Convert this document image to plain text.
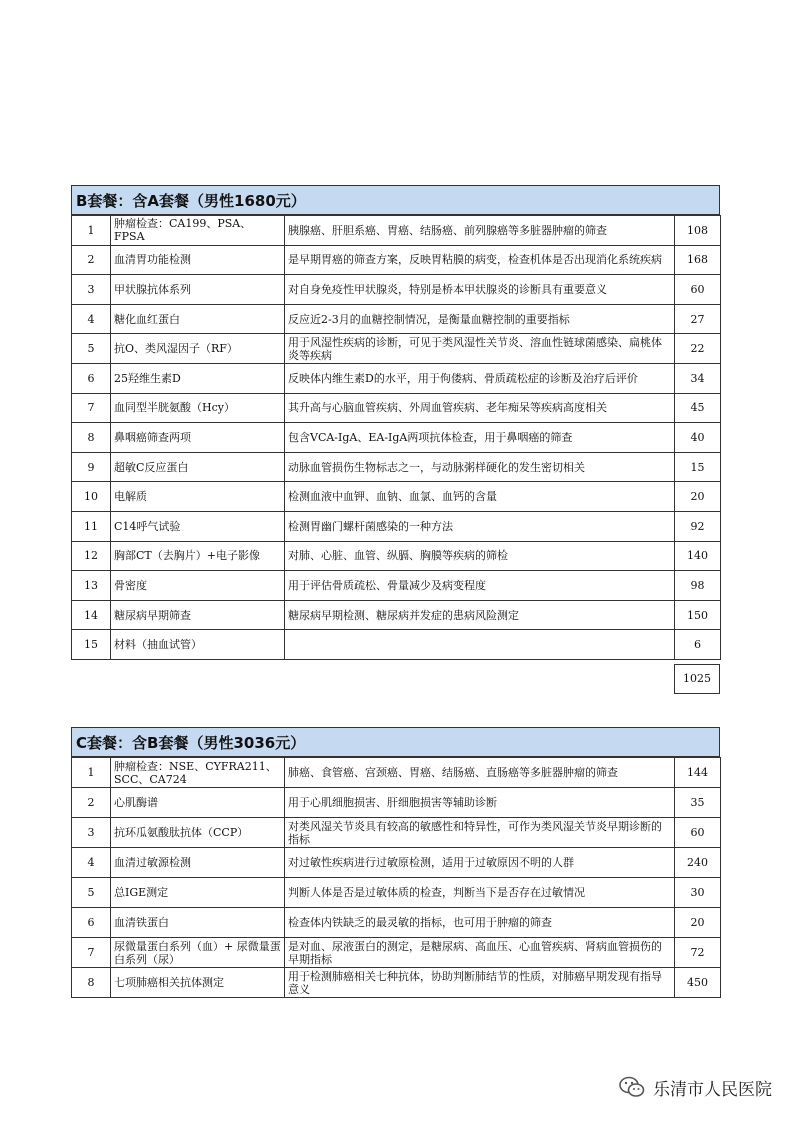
B套餐：含A套餐（男性1680元）
1	肿瘤检查：CA199、PSA、FPSA	胰腺癌、肝胆系癌、胃癌、结肠癌、前列腺癌等多脏器肿瘤的筛查	108
2	血清胃功能检测	是早期胃癌的筛查方案，反映胃粘膜的病变，检查机体是否出现消化系统疾病	168
3	甲状腺抗体系列	对自身免疫性甲状腺炎，特别是桥本甲状腺炎的诊断具有重要意义	60
4	糖化血红蛋白	反应近2-3月的血糖控制情况，是衡量血糖控制的重要指标	27
5	抗O、类风湿因子（RF）	用于风湿性疾病的诊断，可见于类风湿性关节炎、溶血性链球菌感染、扁桃体炎等疾病	22
6	25羟维生素D	反映体内维生素D的水平，用于佝偻病、骨质疏松症的诊断及治疗后评价	34
7	血同型半胱氨酸（Hcy）	其升高与心脑血管疾病、外周血管疾病、老年痴呆等疾病高度相关	45
8	鼻咽癌筛查两项	包含VCA-IgA、EA-IgA两项抗体检查，用于鼻咽癌的筛查	40
9	超敏C反应蛋白	动脉血管损伤生物标志之一，与动脉粥样硬化的发生密切相关	15
10	电解质	检测血液中血钾、血钠、血氯、血钙的含量	20
11	C14呼气试验	检测胃幽门螺杆菌感染的一种方法	92
12	胸部CT（去胸片）+电子影像	对肺、心脏、血管、纵膈、胸膜等疾病的筛检	140
13	骨密度	用于评估骨质疏松、骨量减少及病变程度	98
14	糖尿病早期筛查	糖尿病早期检测、糖尿病并发症的患病风险测定	150
15	材料（抽血试管）		6
1025
C套餐：含B套餐（男性3036元）
1	肿瘤检查：NSE、CYFRA211、SCC、CA724	肺癌、食管癌、宫颈癌、胃癌、结肠癌、直肠癌等多脏器肿瘤的筛查	144
2	心肌酶谱	用于心肌细胞损害、肝细胞损害等辅助诊断	35
3	抗环瓜氨酸肽抗体（CCP）	对类风湿关节炎具有较高的敏感性和特异性，可作为类风湿关节炎早期诊断的指标	60
4	血清过敏源检测	对过敏性疾病进行过敏原检测，适用于过敏原因不明的人群	240
5	总IGE测定	判断人体是否是过敏体质的检查，判断当下是否存在过敏情况	30
6	血清铁蛋白	检查体内铁缺乏的最灵敏的指标，也可用于肿瘤的筛查	20
7	尿微量蛋白系列（血）+ 尿微量蛋白系列（尿）	是对血、尿液蛋白的测定，是糖尿病、高血压、心血管疾病、肾病血管损伤的早期指标	72
8	七项肺癌相关抗体测定	用于检测肺癌相关七种抗体，协助判断肺结节的性质，对肺癌早期发现有指导意义	450
乐清市人民医院
